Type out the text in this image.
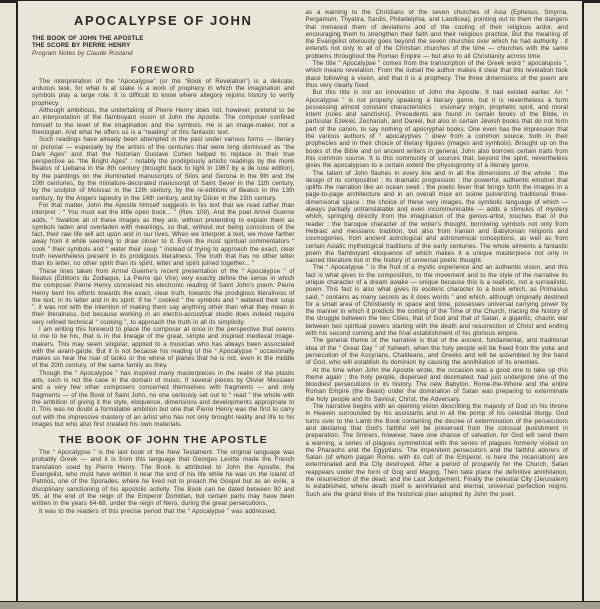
APOCALYPSE OF JOHN

THE BOOK OF JOHN THE APOSTLE

THE SCORE BY PIERRE HENRY

Program Notes by Claude Rostand

FOREWORD

The interpretation of the “Apocalypse” (or the “Book of Revelation”) is a delicate, arduous task, for what is at stake is a work of prophecy in which the imagination and symbols play a large role. It is difficult to know where allegory rejoins history to verify prophecy.

Although ambitious, the undertaking of Pierre Henry does not, however, pretend to be an interpretation of the flamboyant vision of John the Apostle. The composer confined himself to the level of the imagination and the symbols. He is an image-maker, not a theologian. And what he offers us is a “reading” of this fantastic text.

Such readings have already been attempted in the past under various forms — literary or pictorial — especially by the artists of the centuries that were long dismissed as “the Dark Ages” and that the historian Gustave Cohen helped to replace in their true perspective as “the Bright Ages” : notably the prodigiously artistic readings by the monk Beatus of Liebana in the 8th century (brought back to light in 1967 by a de luxe edition), by the paintings on the illuminated manuscripts of Silos and Gerona in the 9th and the 10th centuries, by the miniature-decorated manuscript of Saint Sever in the 11th century, by the sculptor of Moissac in the 12th century, by the re-editions of Beatus in the 13th century, by the Angers tapestry in the 14th century, and by Dürer in the 15th century.

For that matter, John the Apostle himself suggests in his text that we read rather than interpret : “ You must eat the little open book... ” (Rev. 109). And the poet Armel Guerne adds, “ Swallow all of these images as they are, without pretending to explain them as symbols laden and overladen with meanings, so that, without our being conscious of the fact, their raw life will act upon and in our lives. When we interpret a text, we move farther away from it while seeming to draw closer to it. Even the most spiritual commentators “ cook ” their symbols and “ water their soup ” instead of trying to approach the exact, clear truth nevertheless present in its prodigious literalness. The truth that has no other letter than its letter, no other spirit than its spirit, letter and spirit joined together... ”

These lines taken from Armel Guerne's recent presentation of the “ Apocalypse ” of Beatus (Éditions du Zodiaque, La Pierre qui Vire) very exactly define the sense in which the composer Pierre Henry conceived his electronic reading of Saint John's poem. Pierre Henry bent his efforts towards the exact, clear truth, towards the prodigious literalness of the text, in its letter and in its spirit. If he “ cooked ” the symbols and “ watered their soup ”, it was not with the intention of making them say anything other than what they mean in their literalness, but because working in an electro-acoustical studio does indeed require very refined technical “ cooking ”, to approach the truth in all its simplicity.

I am writing this foreword to place the composer at once in the perspective that seems to me to be his, that is in the lineage of the great, simple and inspired medieval image-makers. This may seem singular, applied to a musician who has always been associated with the avant-garde. But it is not because his reading of the “ Apocalypse ” occasionally makes us hear the roar of tanks or the whine of planes that he is not, even in the middle of the 20th century, of the same family as they.

Though the “ Apocalypse ” has inspired many masterpieces in the realm of the plastic arts, such is not the case in the domain of music. If several pieces by Olivier Messiaen and a very few other composers concerned themselves with fragments — and only fragments — of the Book of Saint John, no one seriously set out to “ read ” the whole with the ambition of giving it the style, eloquence, dimensions and developments appropriate to it. This was no doubt a formidable ambition but one that Pierre Henry was the first to carry out with the impressive mastery of an artist who has not only brought reality and life to his images but who also first created his own materials.

THE BOOK OF JOHN THE APOSTLE

The “ Apocalypse ” is the last book of the New Testament. The original language was probably Greek — and it is from this language that Georges Levitte made the French translation used by Pierre Henry. The Book is attributed to John the Apostle, the Evangelist, who must have written it near the end of his life while he was on the island of Patmos, one of the Sporades, where he lived not to preach the Gospel but as an exile, a disciplinary sanctioning of his apostolic activity. The Book can be dated between 90 and 96, at the end of the reign of the Emperor Domitian, but certain parts may have been written in the years 64-68, under the reign of Nero, during the great persecutions.

It was to the readers of this precise period that the “ Apocalypse ” was addressed,

as a warning to the Christians of the seven churches of Asia (Ephesus, Smyrna, Pergamum, Thyatira, Sardis, Philadelphia, and Laodicea), pointing out to them the dangers that menaced them of deviations and of the cooling of their religious ardor, and encouraging them to strengthen their faith and their religious practice. But the meaning of the Evangelist obviously goes beyond the seven churches over which he had authority : it extends not only to all of the Christian churches of the time — churches with the same problems throughout the Roman Empire — but also to all Christianity across time.

The title “ Apocalypse ” comes from the transcription of the Greek word “ apocalupsis ”, which means revelation. From the outset the author makes it clear that this revelation took place following a vision, and that it is a prophecy. The three dimensions of the poem are thus very clearly fixed.

But this title is not an innovation of John the Apostle. It had existed earlier. An “ Apocalypse ” is not properly speaking a literary genre, but it is nevertheless a form possessing almost constant characteristics : visionary origin, prophetic spirit, and moral intent (rules and sanctions). Precedents are found in certain books of the Bible, in particular Ezekiel, Zechariah, and Daniel, but also in certain Jewish books that do not form part of the canon, to say nothing of apocryphal books. One even has the impression that the various authors of “ apocalypses ” drew from a common source, both in their prophecies and in their choice of literary figures (images and symbols). Brought up on the books of the Bible and on ancient writers in general, John also borrows certain traits from this common source. It is this community of sources that, beyond the spirit, nevertheless gives the apocalypses to a certain extent the physiognomy of a literary genre.

The talent of John flashes in every line and in all the dimensions of the whole : the design of its composition ; its dramatic progression ; the powerful, authentic emotion that uplifts the narration like an ocean swell ; the poetic fever that brings forth the images in a page-to-page architecture and in an overall mise en scène pulverizing traditional three-dimensional space ; the choice of these very images, the symbolic language of which — always partially untranslatable and even incommunicable — adds a stimulus of mystery which, springing directly from the imagination of the genius-artist, touches that of the reader ; the baroque character of the writer's thought, borrowing symbols not only from Hebraic and messianic tradition, but also from Iranian and Babylonian religions and cosmogonies, from ancient astrological and astronomical conceptions, as well as from certain Asiatic mythological traditions of the early centuries. The whole aliments a fantastic poem the flamboyant eloquence of which makes it a unique masterpiece not only in sacred literature but in the history of universal poetic thought.

The “ Apocalypse ” is the fruit of a mystic experience and an authentic vision, and this fact is what gives to the composition, to the movement and to the style of the narrative its unique character of a dream awake — unique because this is a realistic, not a surrealistic, poem. This fact is also what gives its esoteric character to a book which, as Primasius said, “ contains as many secrets as it does words ” and which, although originally destined for a small area of Christianity in space and time, possesses universal carrying power by the manner in which it predicts the coming of the Time of the Church, tracing the history of the struggle between the two Cities, that of God and that of Satan, a gigantic, chaotic war between two spiritual powers starting with the death and resurrection of Christ and ending with his second coming and the final establishment of his glorious empire.

The general theme of the narrative is that of the ancient, fundamental, and traditional idea of the “ Great Day ” of Yahweh, when the holy people will be freed from the yoke and persecution of the Assyrians, Chaldeans, and Greeks and will be assembled by the hand of God, who will establish its dominion by causing the annihilation of its enemies.

At the time when John the Apostle wrote, the occasion was a good one to take up this theme again : the holy people, dispersed and decimated, had just undergone one of the bloodiest persecutions in its history. The new Babylon, Rome-the-Whore and the entire Roman Empire (the Beast) under the domination of Satan was preparing to exterminate the holy people and its Saviour, Christ, the Adversary.

The narrative begins with an opening vision describing the majesty of God on his throne in Heaven surrounded by his assistants and in all the pomp of his celestial liturgy. God turns over to the Lamb the Book containing the decree of extermination of the persecutors and declaring that God's faithful will be preserved from the colossal punishment in preparation. The Sinners, however, have one chance of salvation, for God will send them a warning, a series of plagues symmetrical with the series of plagues formerly visited on the Pharaohs and the Egyptians. The impenitent persecutors and the faithful adorers of Satan (of whom pagan Rome, with its cult of the Emperor, is here the incarnation) are exterminated and the City destroyed. After a period of prosperity for the Church, Satan reappears under the form of Gog and Magog. Then take place the definitive annihilation, the resurrection of the dead, and the Last Judgement. Finally the celestial City (Jerusalem) is established, where death itself is annihilated and eternal, universal perfection reigns. Such are the grand lines of the historical plan adopted by John the poet.
